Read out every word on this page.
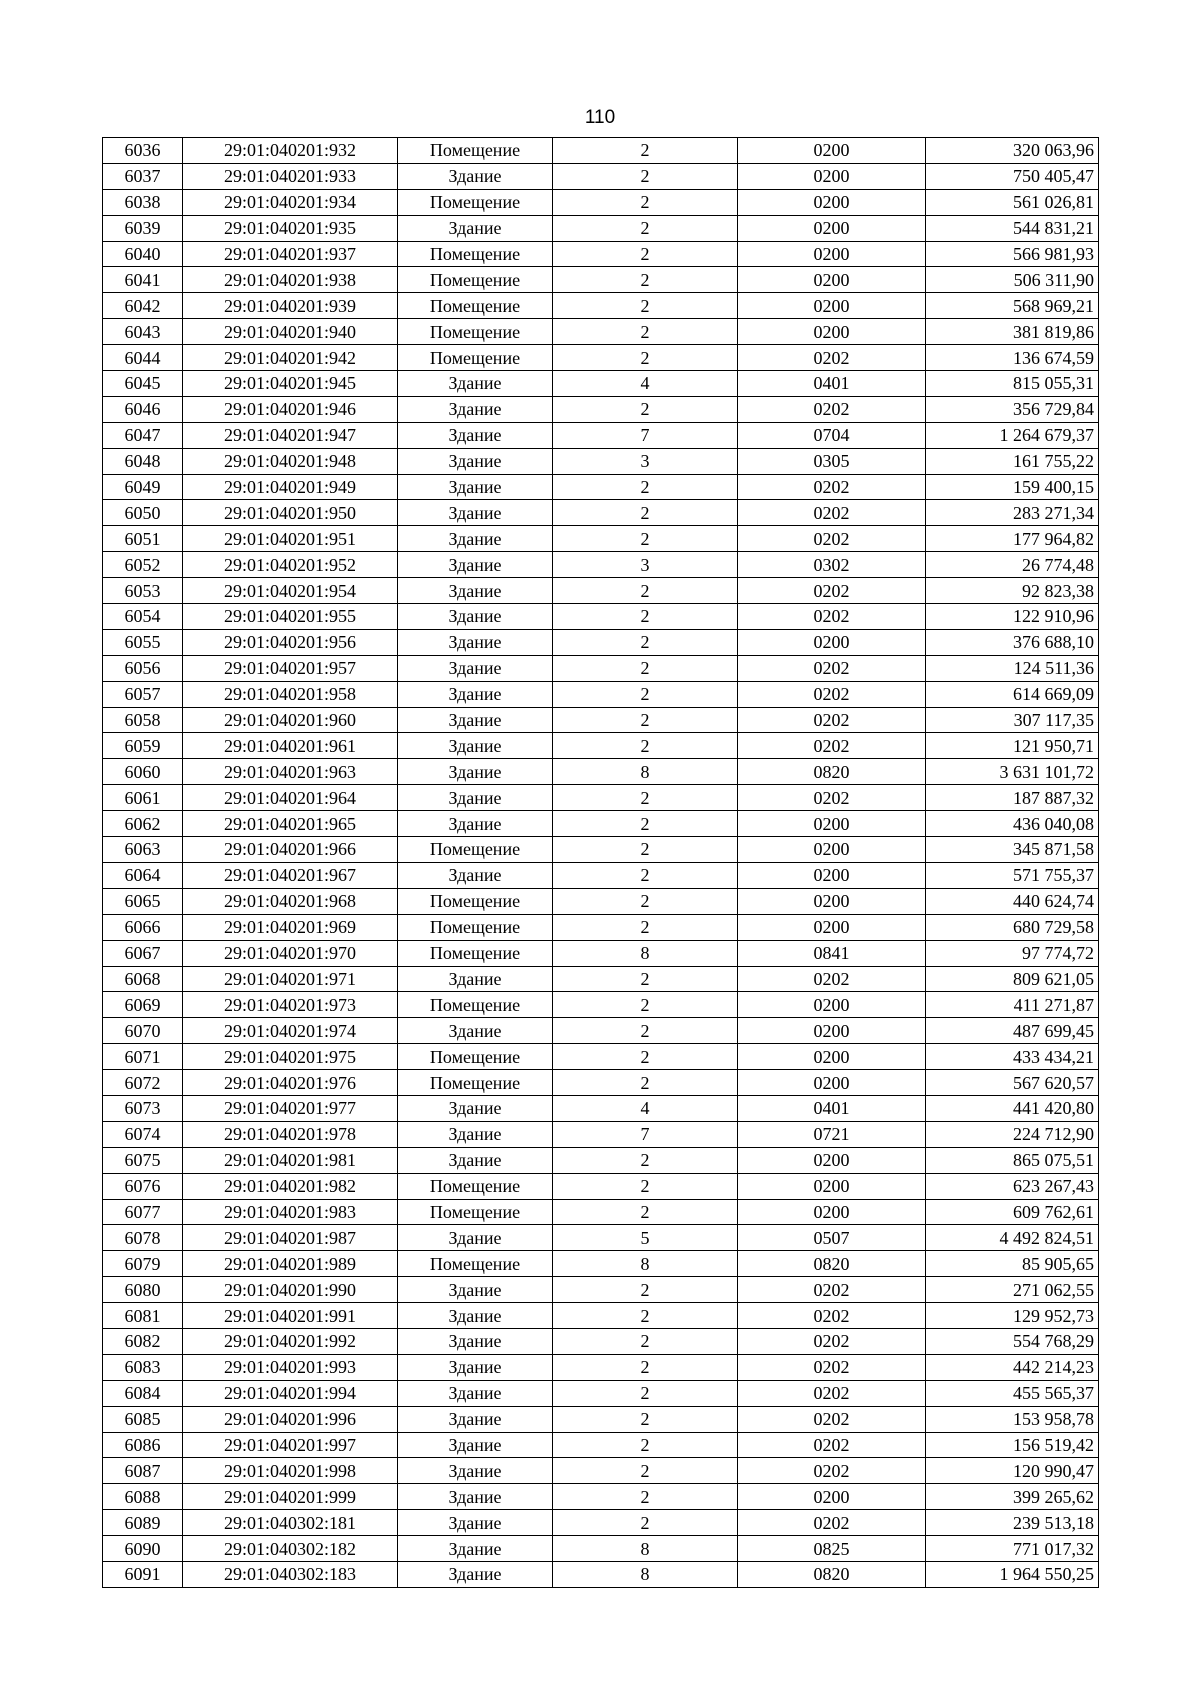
110
6036	29:01:040201:932	Помещение	2	0200	320 063,96
6037	29:01:040201:933	Здание	2	0200	750 405,47
6038	29:01:040201:934	Помещение	2	0200	561 026,81
6039	29:01:040201:935	Здание	2	0200	544 831,21
6040	29:01:040201:937	Помещение	2	0200	566 981,93
6041	29:01:040201:938	Помещение	2	0200	506 311,90
6042	29:01:040201:939	Помещение	2	0200	568 969,21
6043	29:01:040201:940	Помещение	2	0200	381 819,86
6044	29:01:040201:942	Помещение	2	0202	136 674,59
6045	29:01:040201:945	Здание	4	0401	815 055,31
6046	29:01:040201:946	Здание	2	0202	356 729,84
6047	29:01:040201:947	Здание	7	0704	1 264 679,37
6048	29:01:040201:948	Здание	3	0305	161 755,22
6049	29:01:040201:949	Здание	2	0202	159 400,15
6050	29:01:040201:950	Здание	2	0202	283 271,34
6051	29:01:040201:951	Здание	2	0202	177 964,82
6052	29:01:040201:952	Здание	3	0302	26 774,48
6053	29:01:040201:954	Здание	2	0202	92 823,38
6054	29:01:040201:955	Здание	2	0202	122 910,96
6055	29:01:040201:956	Здание	2	0200	376 688,10
6056	29:01:040201:957	Здание	2	0202	124 511,36
6057	29:01:040201:958	Здание	2	0202	614 669,09
6058	29:01:040201:960	Здание	2	0202	307 117,35
6059	29:01:040201:961	Здание	2	0202	121 950,71
6060	29:01:040201:963	Здание	8	0820	3 631 101,72
6061	29:01:040201:964	Здание	2	0202	187 887,32
6062	29:01:040201:965	Здание	2	0200	436 040,08
6063	29:01:040201:966	Помещение	2	0200	345 871,58
6064	29:01:040201:967	Здание	2	0200	571 755,37
6065	29:01:040201:968	Помещение	2	0200	440 624,74
6066	29:01:040201:969	Помещение	2	0200	680 729,58
6067	29:01:040201:970	Помещение	8	0841	97 774,72
6068	29:01:040201:971	Здание	2	0202	809 621,05
6069	29:01:040201:973	Помещение	2	0200	411 271,87
6070	29:01:040201:974	Здание	2	0200	487 699,45
6071	29:01:040201:975	Помещение	2	0200	433 434,21
6072	29:01:040201:976	Помещение	2	0200	567 620,57
6073	29:01:040201:977	Здание	4	0401	441 420,80
6074	29:01:040201:978	Здание	7	0721	224 712,90
6075	29:01:040201:981	Здание	2	0200	865 075,51
6076	29:01:040201:982	Помещение	2	0200	623 267,43
6077	29:01:040201:983	Помещение	2	0200	609 762,61
6078	29:01:040201:987	Здание	5	0507	4 492 824,51
6079	29:01:040201:989	Помещение	8	0820	85 905,65
6080	29:01:040201:990	Здание	2	0202	271 062,55
6081	29:01:040201:991	Здание	2	0202	129 952,73
6082	29:01:040201:992	Здание	2	0202	554 768,29
6083	29:01:040201:993	Здание	2	0202	442 214,23
6084	29:01:040201:994	Здание	2	0202	455 565,37
6085	29:01:040201:996	Здание	2	0202	153 958,78
6086	29:01:040201:997	Здание	2	0202	156 519,42
6087	29:01:040201:998	Здание	2	0202	120 990,47
6088	29:01:040201:999	Здание	2	0200	399 265,62
6089	29:01:040302:181	Здание	2	0202	239 513,18
6090	29:01:040302:182	Здание	8	0825	771 017,32
6091	29:01:040302:183	Здание	8	0820	1 964 550,25
